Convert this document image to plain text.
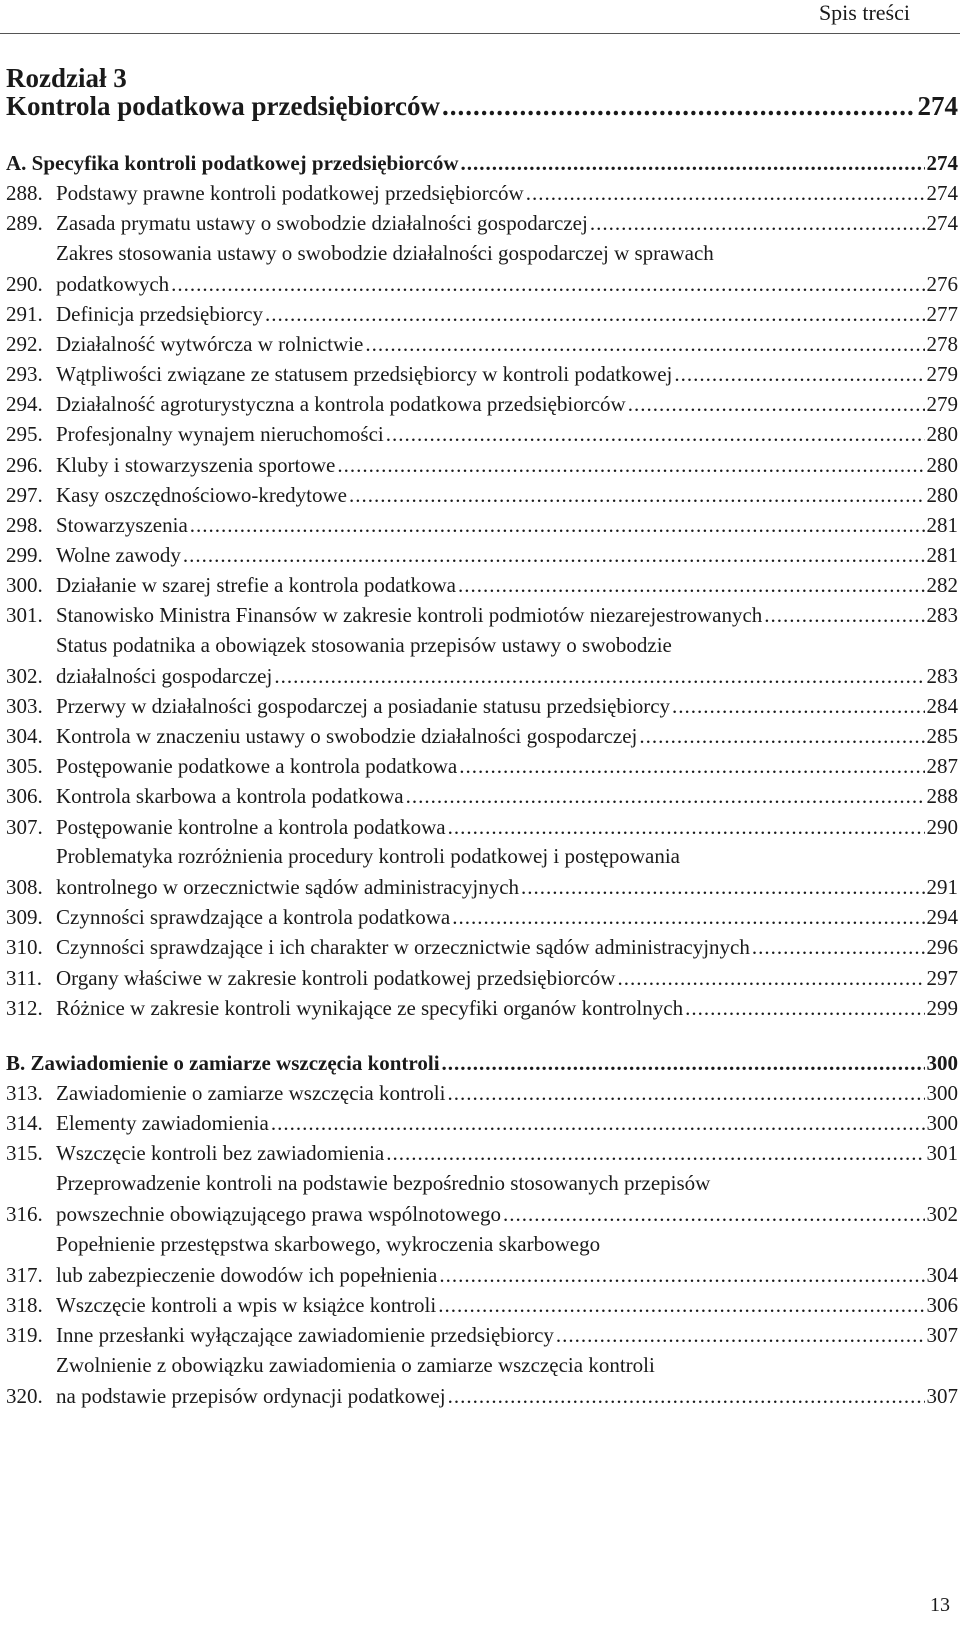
Spis treści
Rozdział 3
Kontrola podatkowa przedsiębiorców .....	274
A. Specyfika kontroli podatkowej przedsiębiorców .....	274
288. Podstawy prawne kontroli podatkowej przedsiębiorców .....	274
289. Zasada prymatu ustawy o swobodzie działalności gospodarczej .....	274
290.
Zakres stosowania ustawy o swobodzie działalności gospodarczej w sprawach
podatkowych .....	276
291. Definicja przedsiębiorcy .....	277
292. Działalność wytwórcza w rolnictwie .....	278
293. Wątpliwości związane ze statusem przedsiębiorcy w kontroli podatkowej .....	279
294. Działalność agroturystyczna a kontrola podatkowa przedsiębiorców .....	279
295. Profesjonalny wynajem nieruchomości .....	280
296. Kluby i stowarzyszenia sportowe .....	280
297. Kasy oszczędnościowo-kredytowe .....	280
298. Stowarzyszenia .....	281
299. Wolne zawody .....	281
300. Działanie w szarej strefie a kontrola podatkowa .....	282
301. Stanowisko Ministra Finansów w zakresie kontroli podmiotów niezarejestrowanych .....	283
302.
Status podatnika a obowiązek stosowania przepisów ustawy o swobodzie
działalności gospodarczej .....	283
303. Przerwy w działalności gospodarczej a posiadanie statusu przedsiębiorcy .....	284
304. Kontrola w znaczeniu ustawy o swobodzie działalności gospodarczej .....	285
305. Postępowanie podatkowe a kontrola podatkowa .....	287
306. Kontrola skarbowa a kontrola podatkowa .....	288
307. Postępowanie kontrolne a kontrola podatkowa .....	290
308.
Problematyka rozróżnienia procedury kontroli podatkowej i postępowania
kontrolnego w orzecznictwie sądów administracyjnych .....	291
309. Czynności sprawdzające a kontrola podatkowa .....	294
310. Czynności sprawdzające i ich charakter w orzecznictwie sądów administracyjnych .....	296
311. Organy właściwe w zakresie kontroli podatkowej przedsiębiorców .....	297
312. Różnice w zakresie kontroli wynikające ze specyfiki organów kontrolnych .....	299
B. Zawiadomienie o zamiarze wszczęcia kontroli .....	300
313. Zawiadomienie o zamiarze wszczęcia kontroli .....	300
314. Elementy zawiadomienia .....	300
315. Wszczęcie kontroli bez zawiadomienia .....	301
316.
Przeprowadzenie kontroli na podstawie bezpośrednio stosowanych przepisów
powszechnie obowiązującego prawa wspólnotowego .....	302
317.
Popełnienie przestępstwa skarbowego, wykroczenia skarbowego
lub zabezpieczenie dowodów ich popełnienia .....	304
318. Wszczęcie kontroli a wpis w książce kontroli .....	306
319. Inne przesłanki wyłączające zawiadomienie przedsiębiorcy .....	307
320.
Zwolnienie z obowiązku zawiadomienia o zamiarze wszczęcia kontroli
na podstawie przepisów ordynacji podatkowej .....	307
13
